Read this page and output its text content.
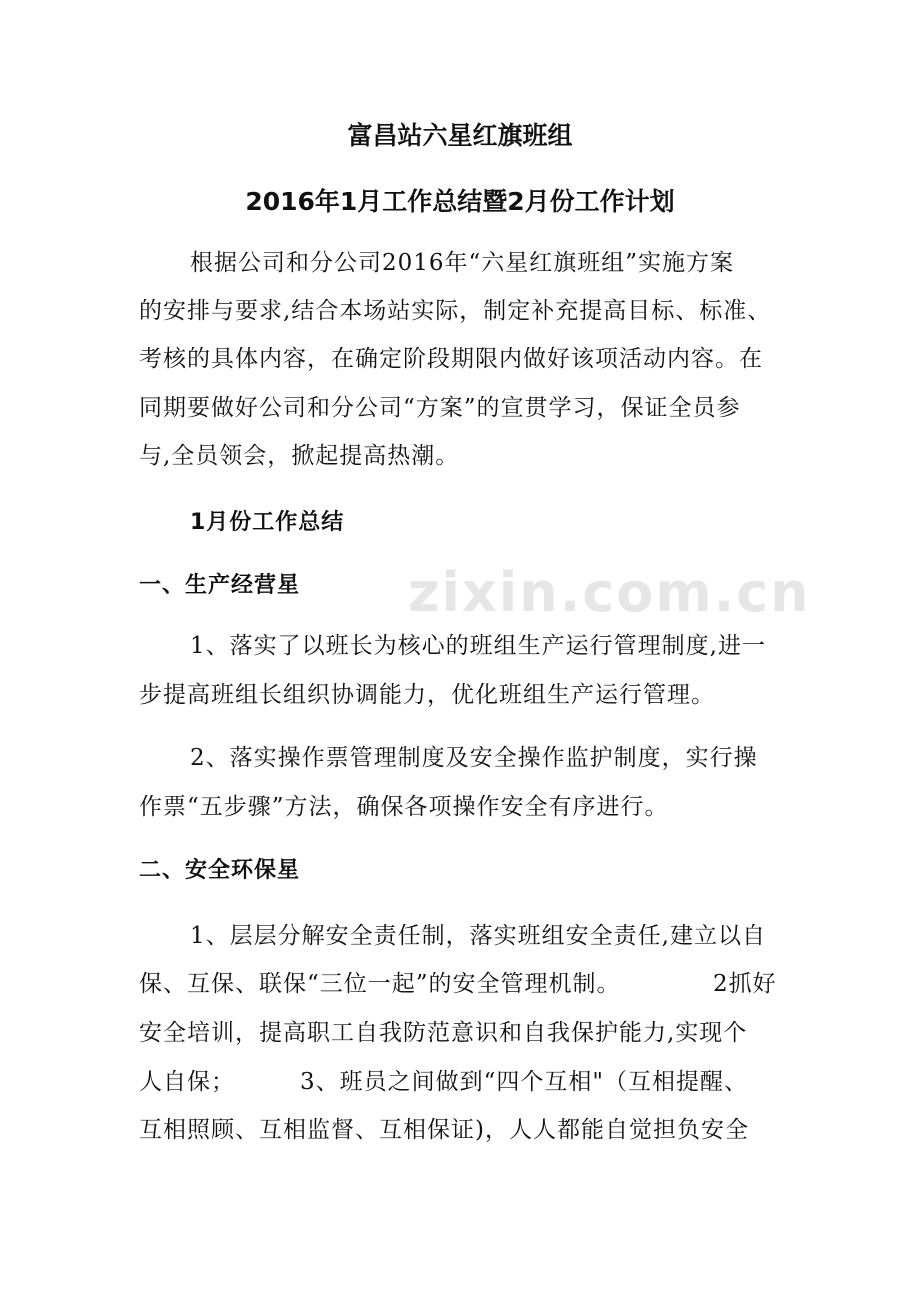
zixin.com.cn
富昌站六星红旗班组
2016年1月工作总结暨2月份工作计划
根据公司和分公司2016年“六星红旗班组”实施方案
的安排与要求,结合本场站实际，制定补充提高目标、标准、
考核的具体内容，在确定阶段期限内做好该项活动内容。在
同期要做好公司和分公司“方案”的宣贯学习，保证全员参
与,全员领会，掀起提高热潮。
1月份工作总结
一、生产经营星
1、落实了以班长为核心的班组生产运行管理制度,进一
步提高班组长组织协调能力，优化班组生产运行管理。
2、落实操作票管理制度及安全操作监护制度，实行操
作票“五步骤”方法，确保各项操作安全有序进行。
二、安全环保星
1、层层分解安全责任制，落实班组安全责任,建立以自
保、互保、联保“三位一起”的安全管理机制。	2抓好
安全培训，提高职工自我防范意识和自我保护能力,实现个
人自保；	3、班员之间做到“四个互相"（互相提醒、
互相照顾、互相监督、互相保证)，人人都能自觉担负安全
